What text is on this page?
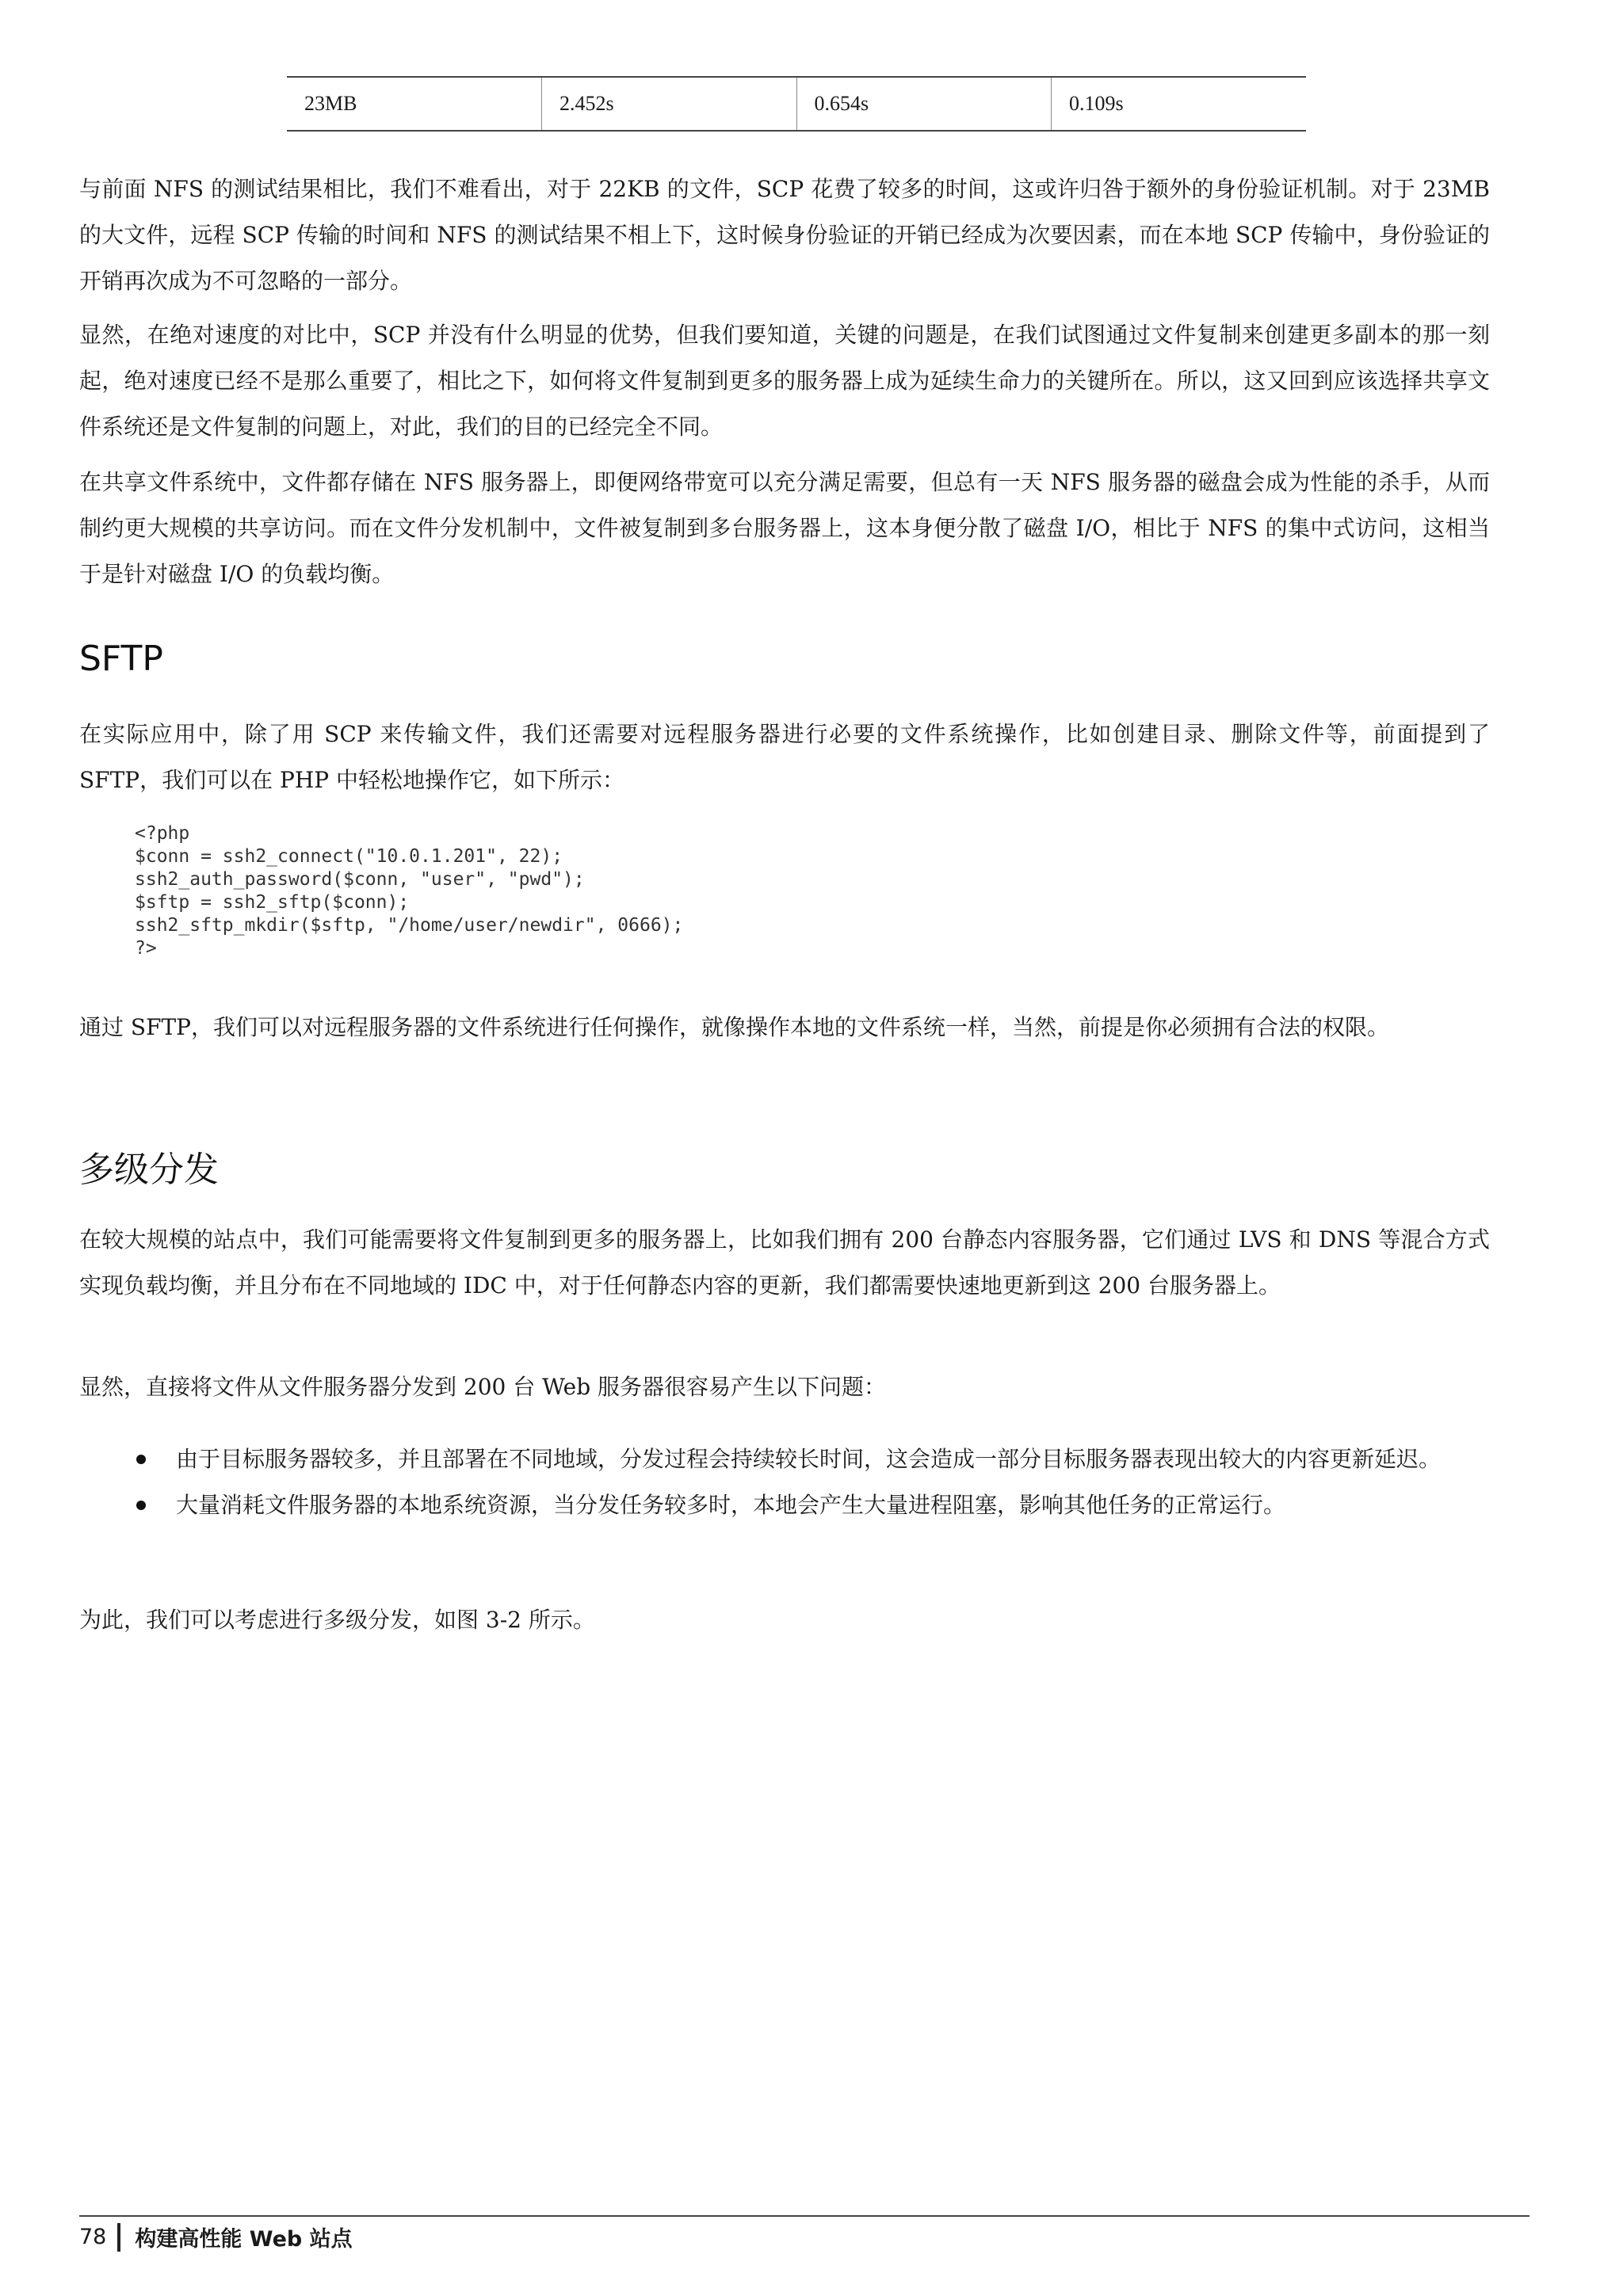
23MB	2.452s	0.654s	0.109s

与前面 NFS 的测试结果相比，我们不难看出，对于 22KB 的文件，SCP 花费了较多的时间，这或许归咎于额外的身份验证机制。对于 23MB 的大文件，远程 SCP 传输的时间和 NFS 的测试结果不相上下，这时候身份验证的开销已经成为次要因素，而在本地 SCP 传输中，身份验证的开销再次成为不可忽略的一部分。

显然，在绝对速度的对比中，SCP 并没有什么明显的优势，但我们要知道，关键的问题是，在我们试图通过文件复制来创建更多副本的那一刻起，绝对速度已经不是那么重要了，相比之下，如何将文件复制到更多的服务器上成为延续生命力的关键所在。所以，这又回到应该选择共享文件系统还是文件复制的问题上，对此，我们的目的已经完全不同。

在共享文件系统中，文件都存储在 NFS 服务器上，即便网络带宽可以充分满足需要，但总有一天 NFS 服务器的磁盘会成为性能的杀手，从而制约更大规模的共享访问。而在文件分发机制中，文件被复制到多台服务器上，这本身便分散了磁盘 I/O，相比于 NFS 的集中式访问，这相当于是针对磁盘 I/O 的负载均衡。

SFTP

在实际应用中，除了用 SCP 来传输文件，我们还需要对远程服务器进行必要的文件系统操作，比如创建目录、删除文件等，前面提到了 SFTP，我们可以在 PHP 中轻松地操作它，如下所示：

<?php
$conn = ssh2_connect("10.0.1.201", 22);
ssh2_auth_password($conn, "user", "pwd");
$sftp = ssh2_sftp($conn);
ssh2_sftp_mkdir($sftp, "/home/user/newdir", 0666);
?>

通过 SFTP，我们可以对远程服务器的文件系统进行任何操作，就像操作本地的文件系统一样，当然，前提是你必须拥有合法的权限。

多级分发

在较大规模的站点中，我们可能需要将文件复制到更多的服务器上，比如我们拥有 200 台静态内容服务器，它们通过 LVS 和 DNS 等混合方式实现负载均衡，并且分布在不同地域的 IDC 中，对于任何静态内容的更新，我们都需要快速地更新到这 200 台服务器上。

显然，直接将文件从文件服务器分发到 200 台 Web 服务器很容易产生以下问题：

由于目标服务器较多，并且部署在不同地域，分发过程会持续较长时间，这会造成一部分目标服务器表现出较大的内容更新延迟。
大量消耗文件服务器的本地系统资源，当分发任务较多时，本地会产生大量进程阻塞，影响其他任务的正常运行。

为此，我们可以考虑进行多级分发，如图 3-2 所示。

78 构建高性能 Web 站点
